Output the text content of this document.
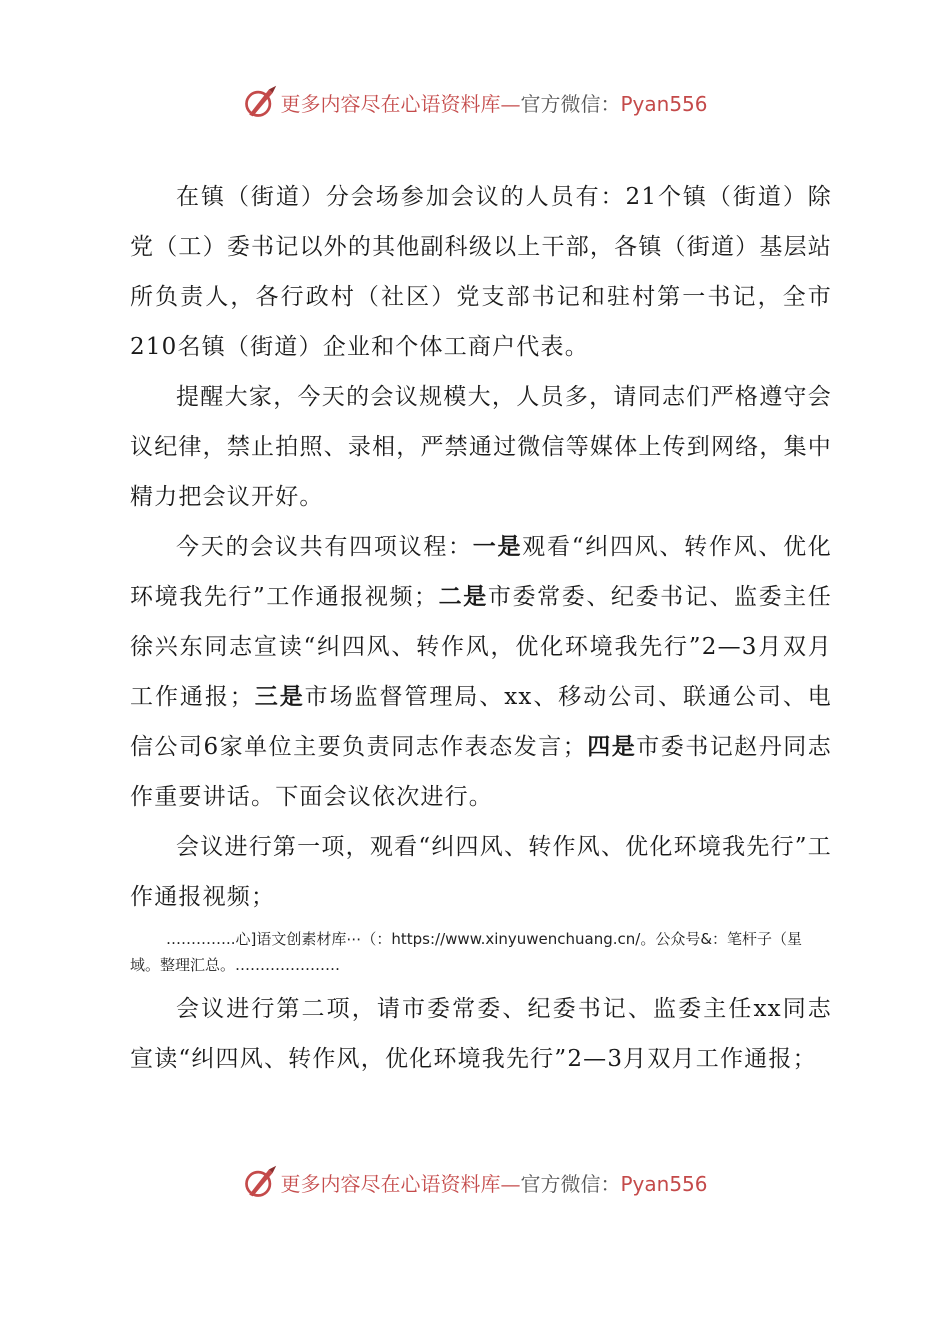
更多内容尽在心语资料库—官方微信：Pyan556

在镇（街道）分会场参加会议的人员有：21个镇（街道）除党（工）委书记以外的其他副科级以上干部，各镇（街道）基层站所负责人，各行政村（社区）党支部书记和驻村第一书记，全市210名镇（街道）企业和个体工商户代表。

提醒大家，今天的会议规模大，人员多，请同志们严格遵守会议纪律，禁止拍照、录相，严禁通过微信等媒体上传到网络，集中精力把会议开好。

今天的会议共有四项议程：一是观看“纠四风、转作风、优化环境我先行”工作通报视频；二是市委常委、纪委书记、监委主任徐兴东同志宣读“纠四风、转作风，优化环境我先行”2—3月双月工作通报；三是市场监督管理局、xx、移动公司、联通公司、电信公司6家单位主要负责同志作表态发言；四是市委书记赵丹同志作重要讲话。下面会议依次进行。

会议进行第一项，观看“纠四风、转作风、优化环境我先行”工作通报视频；

…………..心]语文创素材库⋯（：https://www.xinyuwenchuang.cn/。公众号&：笔杆子（星域。整理汇总。…………………

会议进行第二项，请市委常委、纪委书记、监委主任xx同志宣读“纠四风、转作风，优化环境我先行”2—3月双月工作通报；

更多内容尽在心语资料库—官方微信：Pyan556
